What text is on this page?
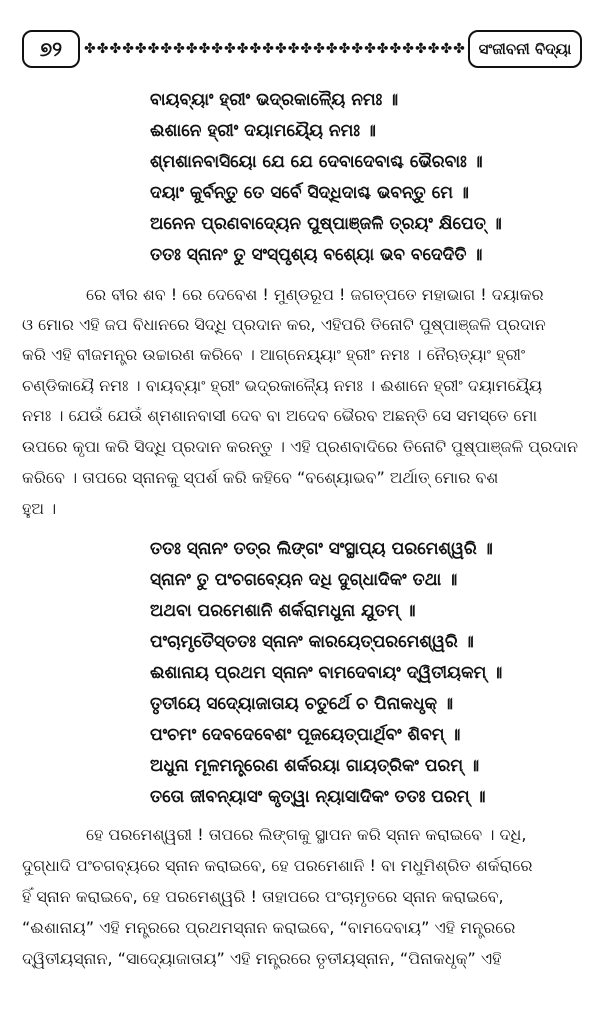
୭୨	✤✤✤✤✤✤✤✤✤✤✤✤✤✤✤✤✤✤✤✤✤✤✤✤✤✤✤✤✤✤ ସଂଜୀବନୀ ବିଦ୍ୟା
ବାୟବ୍ୟାଂ ହ୍ରୀଂ ଭଦ୍ରକାଳ୍ୟୈ ନମଃ ॥
ଈଶାନେ ହ୍ରୀଂ ଦୟାମୟ୍ୟୈ ନମଃ ॥
ଶ୍ମଶାନବାସିୟୋ ଯେ ଯେ ଦେବାଦେବାଶ୍ଚ ଭୈରବାଃ ॥
ଦୟାଂ କୁର୍ବନ୍ତୁ ତେ ସର୍ବେ ସିଦ୍ଧିଦାଶ୍ଚ ଭବନ୍ତୁ ମେ ॥
ଅନେନ ପ୍ରଣବାଦ୍ୟେନ ପୁଷ୍ପାଞ୍ଜଳି ତ୍ରୟଂ କ୍ଷିପେତ୍ ॥
ତତଃ ସ୍ନାନଂ ତୁ ସଂସ୍ପୃଶ୍ୟ ବଶ୍ୟୋ ଭବ ବଦେଦିତି ॥
ରେ ବୀର ଶବ ! ରେ ଦେବେଶ ! ମୁଣ୍ଡରୂପ ! ଜଗତ୍ପତେ ମହାଭାଗ ! ଦୟାକର
ଓ ମୋର ଏହି ଜପ ବିଧାନରେ ସିଦ୍ଧି ପ୍ରଦାନ କର, ଏହିପରି ତିନୋଟି ପୁଷ୍ପାଞ୍ଜଳି ପ୍ରଦାନ
କରି ଏହି ବୀଜମନ୍ତ୍ର ଉଚ୍ଚାରଣ କରିବେ । ଆଗ୍ନେୟ୍ୟାଂ ହ୍ରୀଂ ନମଃ । ନୈଋତ୍ୟାଂ ହ୍ରୀଂ
ଚଣ୍ଡିକାୟୈ ନମଃ । ବାୟବ୍ୟାଂ ହ୍ରୀଂ ଭଦ୍ରକାଳ୍ୟୈ ନମଃ । ଈଶାନେ ହ୍ରୀଂ ଦୟାମୟ୍ୟୈ
ନମଃ । ଯେଉଁ ଯେଉଁ ଶ୍ମଶାନବାସୀ ଦେବ ବା ଅଦେବ ଭୈରବ ଅଛନ୍ତି ସେ ସମସ୍ତେ ମୋ
ଉପରେ କୃପା କରି ସିଦ୍ଧି ପ୍ରଦାନ କରନ୍ତୁ । ଏହି ପ୍ରଣବାଦିରେ ତିନୋଟି ପୁଷ୍ପାଞ୍ଜଳି ପ୍ରଦାନ
କରିବେ । ତାପରେ ସ୍ନାନକୁ ସ୍ପର୍ଶ କରି କହିବେ “ବଶ୍ୟୋଭବ” ଅର୍ଥାତ୍ ମୋର ବଶ
ହୁଅ ।
ତତଃ ସ୍ନାନଂ ତତ୍ର ଲିଙ୍ଗଂ ସଂସ୍ଥାପ୍ୟ ପରମେଶ୍ୱରି ॥
ସ୍ନାନଂ ତୁ ପଂଚଗବ୍ୟେନ ଦଧି ଦୁଗ୍ଧାଦିକଂ ତଥା ॥
ଅଥବା ପରମେଶାନି ଶର୍କରାମଧୁନା ଯୁତମ୍ ॥
ପଂଚାମୃତୈସ୍ତତଃ ସ୍ନାନଂ କାରୟେତ୍ପରମେଶ୍ୱରି ॥
ଈଶାନାୟ ପ୍ରଥମ ସ୍ନାନଂ ବାମଦେବାୟଂ ଦ୍ୱିତୀୟକମ୍ ॥
ତୃତୀୟେ ସଦ୍ୟୋଜାତାୟ ଚତୁର୍ଥେ ଚ ପିନାକଧୃକ୍ ॥
ପଂଚମଂ ଦେବଦେବେଶଂ ପୂଜୟେତ୍ପାର୍ଥିବଂ ଶିବମ୍ ॥
ଅଧୁନା ମୂଳମନ୍ତ୍ରେଣ ଶର୍କରୟା ଗାୟତ୍ରିକଂ ପରମ୍ ॥
ତତୋ ଜୀବନ୍ୟାସଂ କୃତ୍ୱା ନ୍ୟାସାଦିକଂ ତତଃ ପରମ୍ ॥
ହେ ପରମେଶ୍ୱରୀ ! ତାପରେ ଲିଙ୍ଗକୁ ସ୍ଥାପନ କରି ସ୍ନାନ କରାଇବେ । ଦଧି,
ଦୁଗ୍ଧାଦି ପଂଚଗବ୍ୟରେ ସ୍ନାନ କରାଇବେ, ହେ ପରମେଶାନି ! ବା ମଧୁମିଶ୍ରିତ ଶର୍କରାରେ
ହିଁ ସ୍ନାନ କରାଇବେ, ହେ ପରମେଶ୍ୱରି ! ତାହାପରେ ପଂଚାମୃତରେ ସ୍ନାନ କରାଇବେ,
“ଈଶାନାୟ” ଏହି ମନ୍ତ୍ରରେ ପ୍ରଥମସ୍ନାନ କରାଇବେ, “ବାମଦେବାୟ” ଏହି ମନ୍ତ୍ରରେ
ଦ୍ୱିତୀୟସ୍ନାନ, “ସାଦ୍ୟୋଜାତାୟ” ଏହି ମନ୍ତ୍ରରେ ତୃତୀୟସ୍ନାନ, “ପିନାକଧୃକ୍” ଏହି
